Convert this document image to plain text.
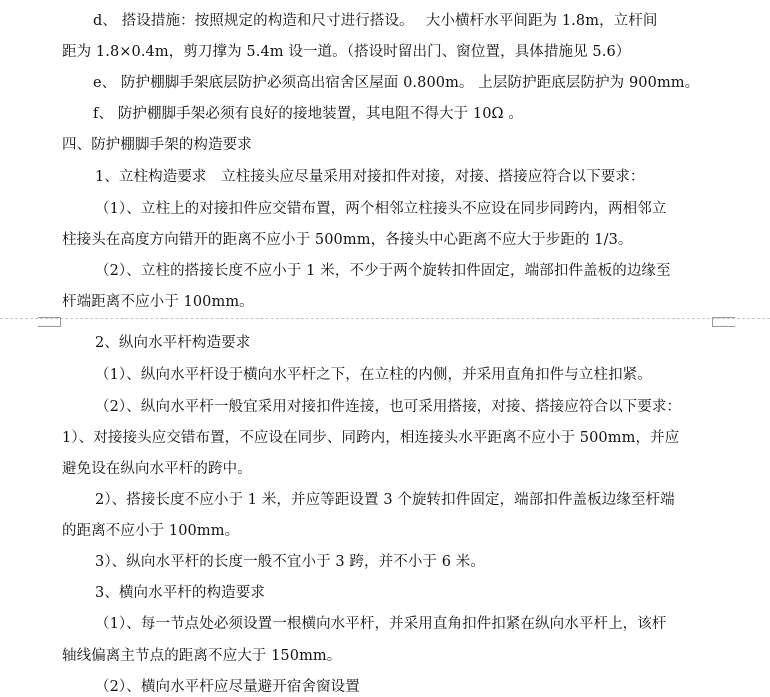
d、 搭设措施：按照规定的构造和尺寸进行搭设。　 大小横杆水平间距为 1.8m，立杆间
距为 1.8×0.4m，剪刀撑为 5.4m 设一道。（搭设时留出门、窗位置，具体措施见 5.6）
e、 防护棚脚手架底层防护必须高出宿舍区屋面 0.800m。 上层防护距底层防护为 900mm。
f、 防护棚脚手架必须有良好的接地装置，其电阻不得大于 10Ω 。
四、防护棚脚手架的构造要求
1、立柱构造要求　立柱接头应尽量采用对接扣件对接，对接、搭接应符合以下要求：
（1）、立柱上的对接扣件应交错布置，两个相邻立柱接头不应设在同步同跨内，两相邻立
柱接头在高度方向错开的距离不应小于 500mm，各接头中心距离不应大于步距的 1/3。
（2）、立柱的搭接长度不应小于 1 米，不少于两个旋转扣件固定，端部扣件盖板的边缘至
杆端距离不应小于 100mm。
2、纵向水平杆构造要求
（1）、纵向水平杆设于横向水平杆之下，在立柱的内侧，并采用直角扣件与立柱扣紧。
（2）、纵向水平杆一般宜采用对接扣件连接，也可采用搭接，对接、搭接应符合以下要求：
1）、对接接头应交错布置，不应设在同步、同跨内，相连接头水平距离不应小于 500mm，并应
避免设在纵向水平杆的跨中。
2）、搭接长度不应小于 1 米，并应等距设置 3 个旋转扣件固定，端部扣件盖板边缘至杆端
的距离不应小于 100mm。
3）、纵向水平杆的长度一般不宜小于 3 跨，并不小于 6 米。
3、横向水平杆的构造要求
（1）、每一节点处必须设置一根横向水平杆，并采用直角扣件扣紧在纵向水平杆上，该杆
轴线偏离主节点的距离不应大于 150mm。
（2）、横向水平杆应尽量避开宿舍窗设置
